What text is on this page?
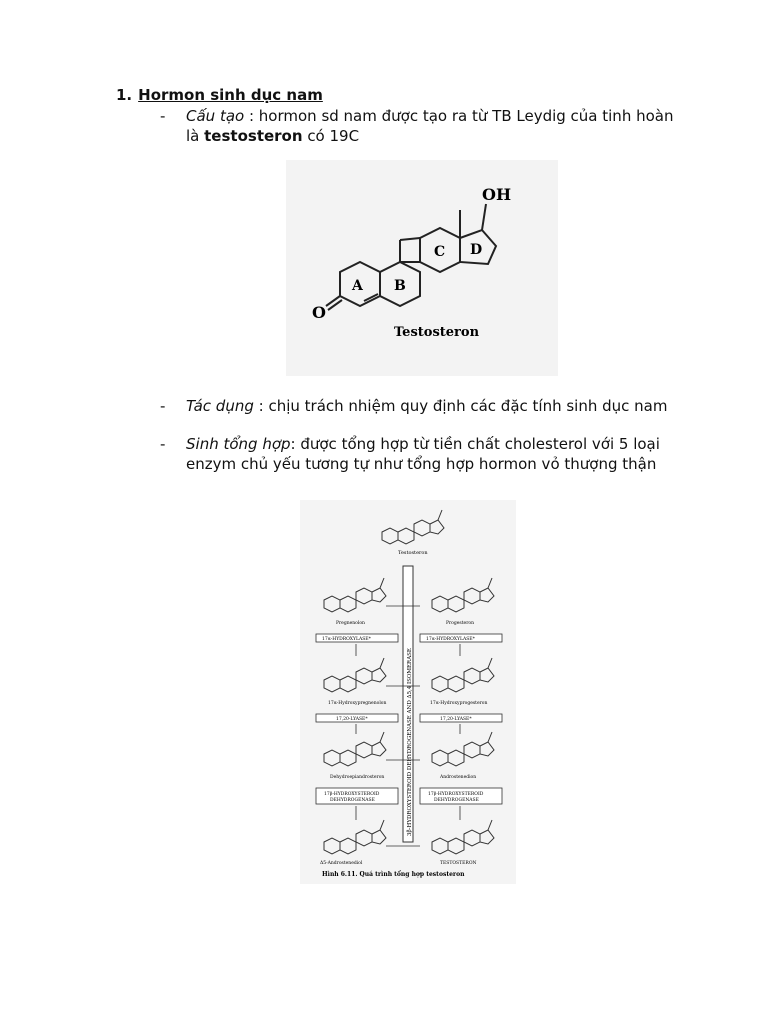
1. Hormon sinh dục nam
- Cấu tạo : hormon sd nam được tạo ra từ TB Leydig của tinh hoàn là testosteron có 19C
OH
O
A B
C D
Testosteron
- Tác dụng : chịu trách nhiệm quy định các đặc tính sinh dục nam
- Sinh tổng hợp: được tổng hợp từ tiền chất cholesterol với 5 loại enzym chủ yếu tương tự như tổng hợp hormon vỏ thượng thận
Testosteron
3β-HYDROXYSTEROID DEHYDROGENASE AND Δ5,4 ISOMERASE
Pregnenolon
17α-HYDROXYLASE*
17α-Hydroxypregnenolon
17,20-LYASE*
Dehydroepiandrosteron
17β-HYDROXYSTEROID
DEHYDROGENASE
Δ5-Androstenediol
Progesteron
17α-HYDROXYLASE*
17α-Hydroxyprogesteron
17,20-LYASE*
Androstenedion
17β-HYDROXYSTEROID
DEHYDROGENASE
TESTOSTERON
Hình 6.11. Quá trình tổng hợp testosteron
